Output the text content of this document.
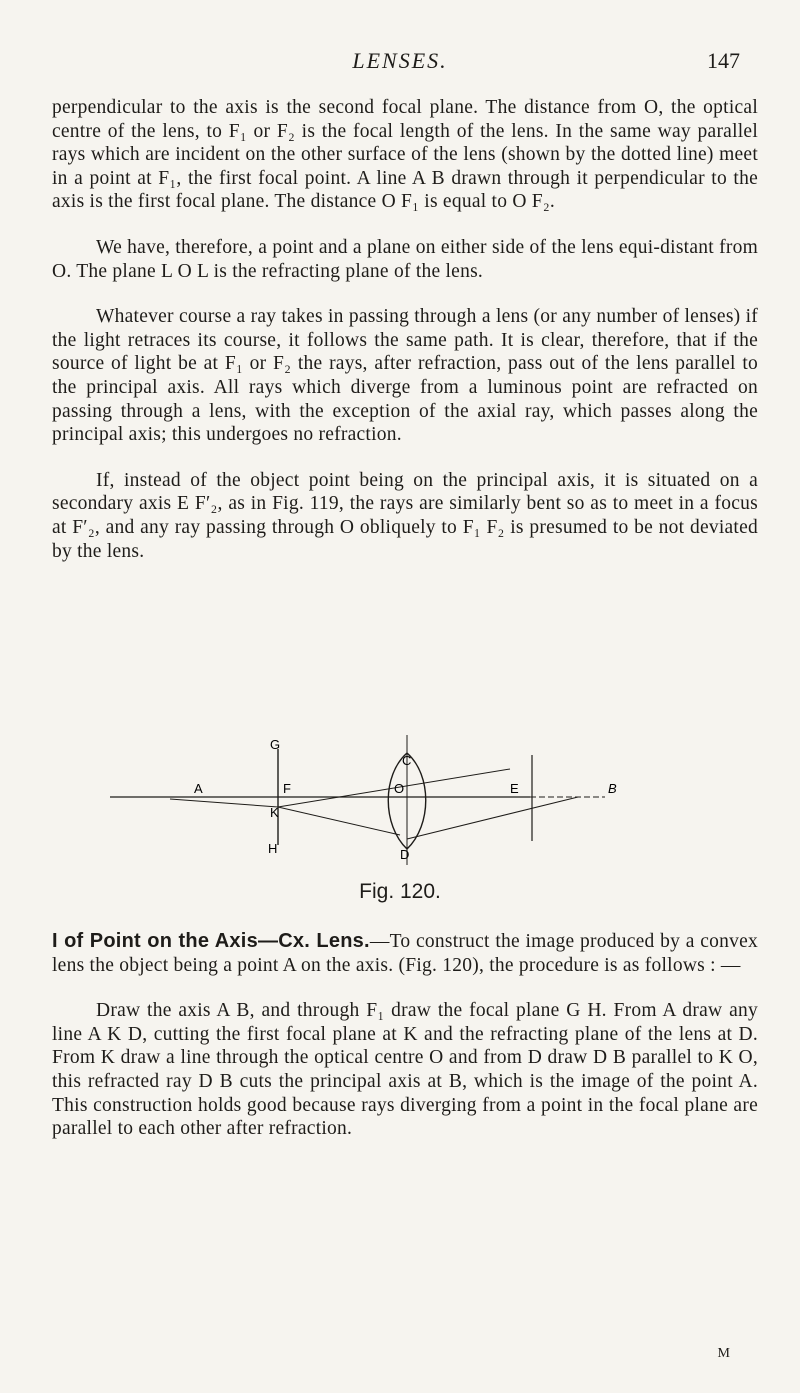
LENSES.	147

perpendicular to the axis is the second focal plane. The distance from O, the optical centre of the lens, to F₁ or F₂ is the focal length of the lens. In the same way parallel rays which are incident on the other surface of the lens (shown by the dotted line) meet in a point at F₁, the first focal point. A line A B drawn through it perpendicular to the axis is the first focal plane. The distance O F₁ is equal to O F₂.

We have, therefore, a point and a plane on either side of the lens equi-distant from O. The plane L O L is the refracting plane of the lens.

Whatever course a ray takes in passing through a lens (or any number of lenses) if the light retraces its course, it follows the same path. It is clear, therefore, that if the source of light be at F₁ or F₂ the rays, after refraction, pass out of the lens parallel to the principal axis. All rays which diverge from a luminous point are refracted on passing through a lens, with the exception of the axial ray, which passes along the principal axis; this undergoes no refraction.

If, instead of the object point being on the principal axis, it is situated on a secondary axis E F′₂, as in Fig. 119, the rays are similarly bent so as to meet in a focus at F′₂, and any ray passing through O obliquely to F₁ F₂ is presumed to be not deviated by the lens.

G
H
A
K
F
C
O
D
E	B
Fig. 120.

I of Point on the Axis—Cx. Lens.—To construct the image produced by a convex lens the object being a point A on the axis. (Fig. 120), the procedure is as follows : —

Draw the axis A B, and through F₁ draw the focal plane G H. From A draw any line A K D, cutting the first focal plane at K and the refracting plane of the lens at D. From K draw a line through the optical centre O and from D draw D B parallel to K O, this refracted ray D B cuts the principal axis at B, which is the image of the point A. This construction holds good because rays diverging from a point in the focal plane are parallel to each other after refraction.

M
